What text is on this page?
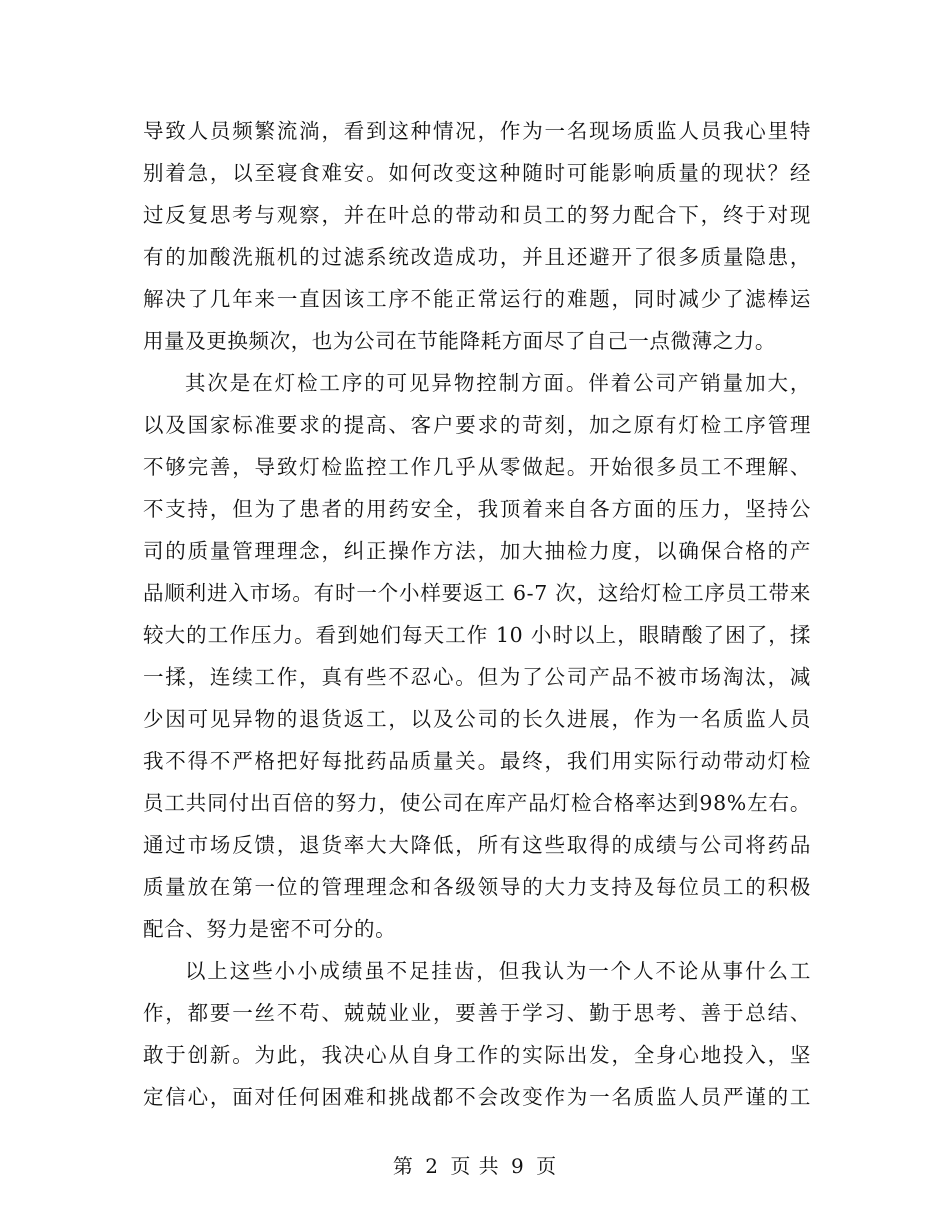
导致人员频繁流淌，看到这种情况，作为一名现场质监人员我心里特
别着急，以至寝食难安。如何改变这种随时可能影响质量的现状？经
过反复思考与观察，并在叶总的带动和员工的努力配合下，终于对现
有的加酸洗瓶机的过滤系统改造成功，并且还避开了很多质量隐患，
解决了几年来一直因该工序不能正常运行的难题，同时减少了滤棒运
用量及更换频次，也为公司在节能降耗方面尽了自己一点微薄之力。
其次是在灯检工序的可见异物控制方面。伴着公司产销量加大，
以及国家标准要求的提高、客户要求的苛刻，加之原有灯检工序管理
不够完善，导致灯检监控工作几乎从零做起。开始很多员工不理解、
不支持，但为了患者的用药安全，我顶着来自各方面的压力，坚持公
司的质量管理理念，纠正操作方法，加大抽检力度，以确保合格的产
品顺利进入市场。有时一个小样要返工 6-7 次，这给灯检工序员工带来
较大的工作压力。看到她们每天工作 10 小时以上，眼睛酸了困了，揉
一揉，连续工作，真有些不忍心。但为了公司产品不被市场淘汰，减
少因可见异物的退货返工，以及公司的长久进展，作为一名质监人员
我不得不严格把好每批药品质量关。最终，我们用实际行动带动灯检
员工共同付出百倍的努力，使公司在库产品灯检合格率达到98%左右。
通过市场反馈，退货率大大降低，所有这些取得的成绩与公司将药品
质量放在第一位的管理理念和各级领导的大力支持及每位员工的积极
配合、努力是密不可分的。
以上这些小小成绩虽不足挂齿，但我认为一个人不论从事什么工
作，都要一丝不苟、兢兢业业，要善于学习、勤于思考、善于总结、
敢于创新。为此，我决心从自身工作的实际出发，全身心地投入，坚
定信心，面对任何困难和挑战都不会改变作为一名质监人员严谨的工
第 2 页 共 9 页
